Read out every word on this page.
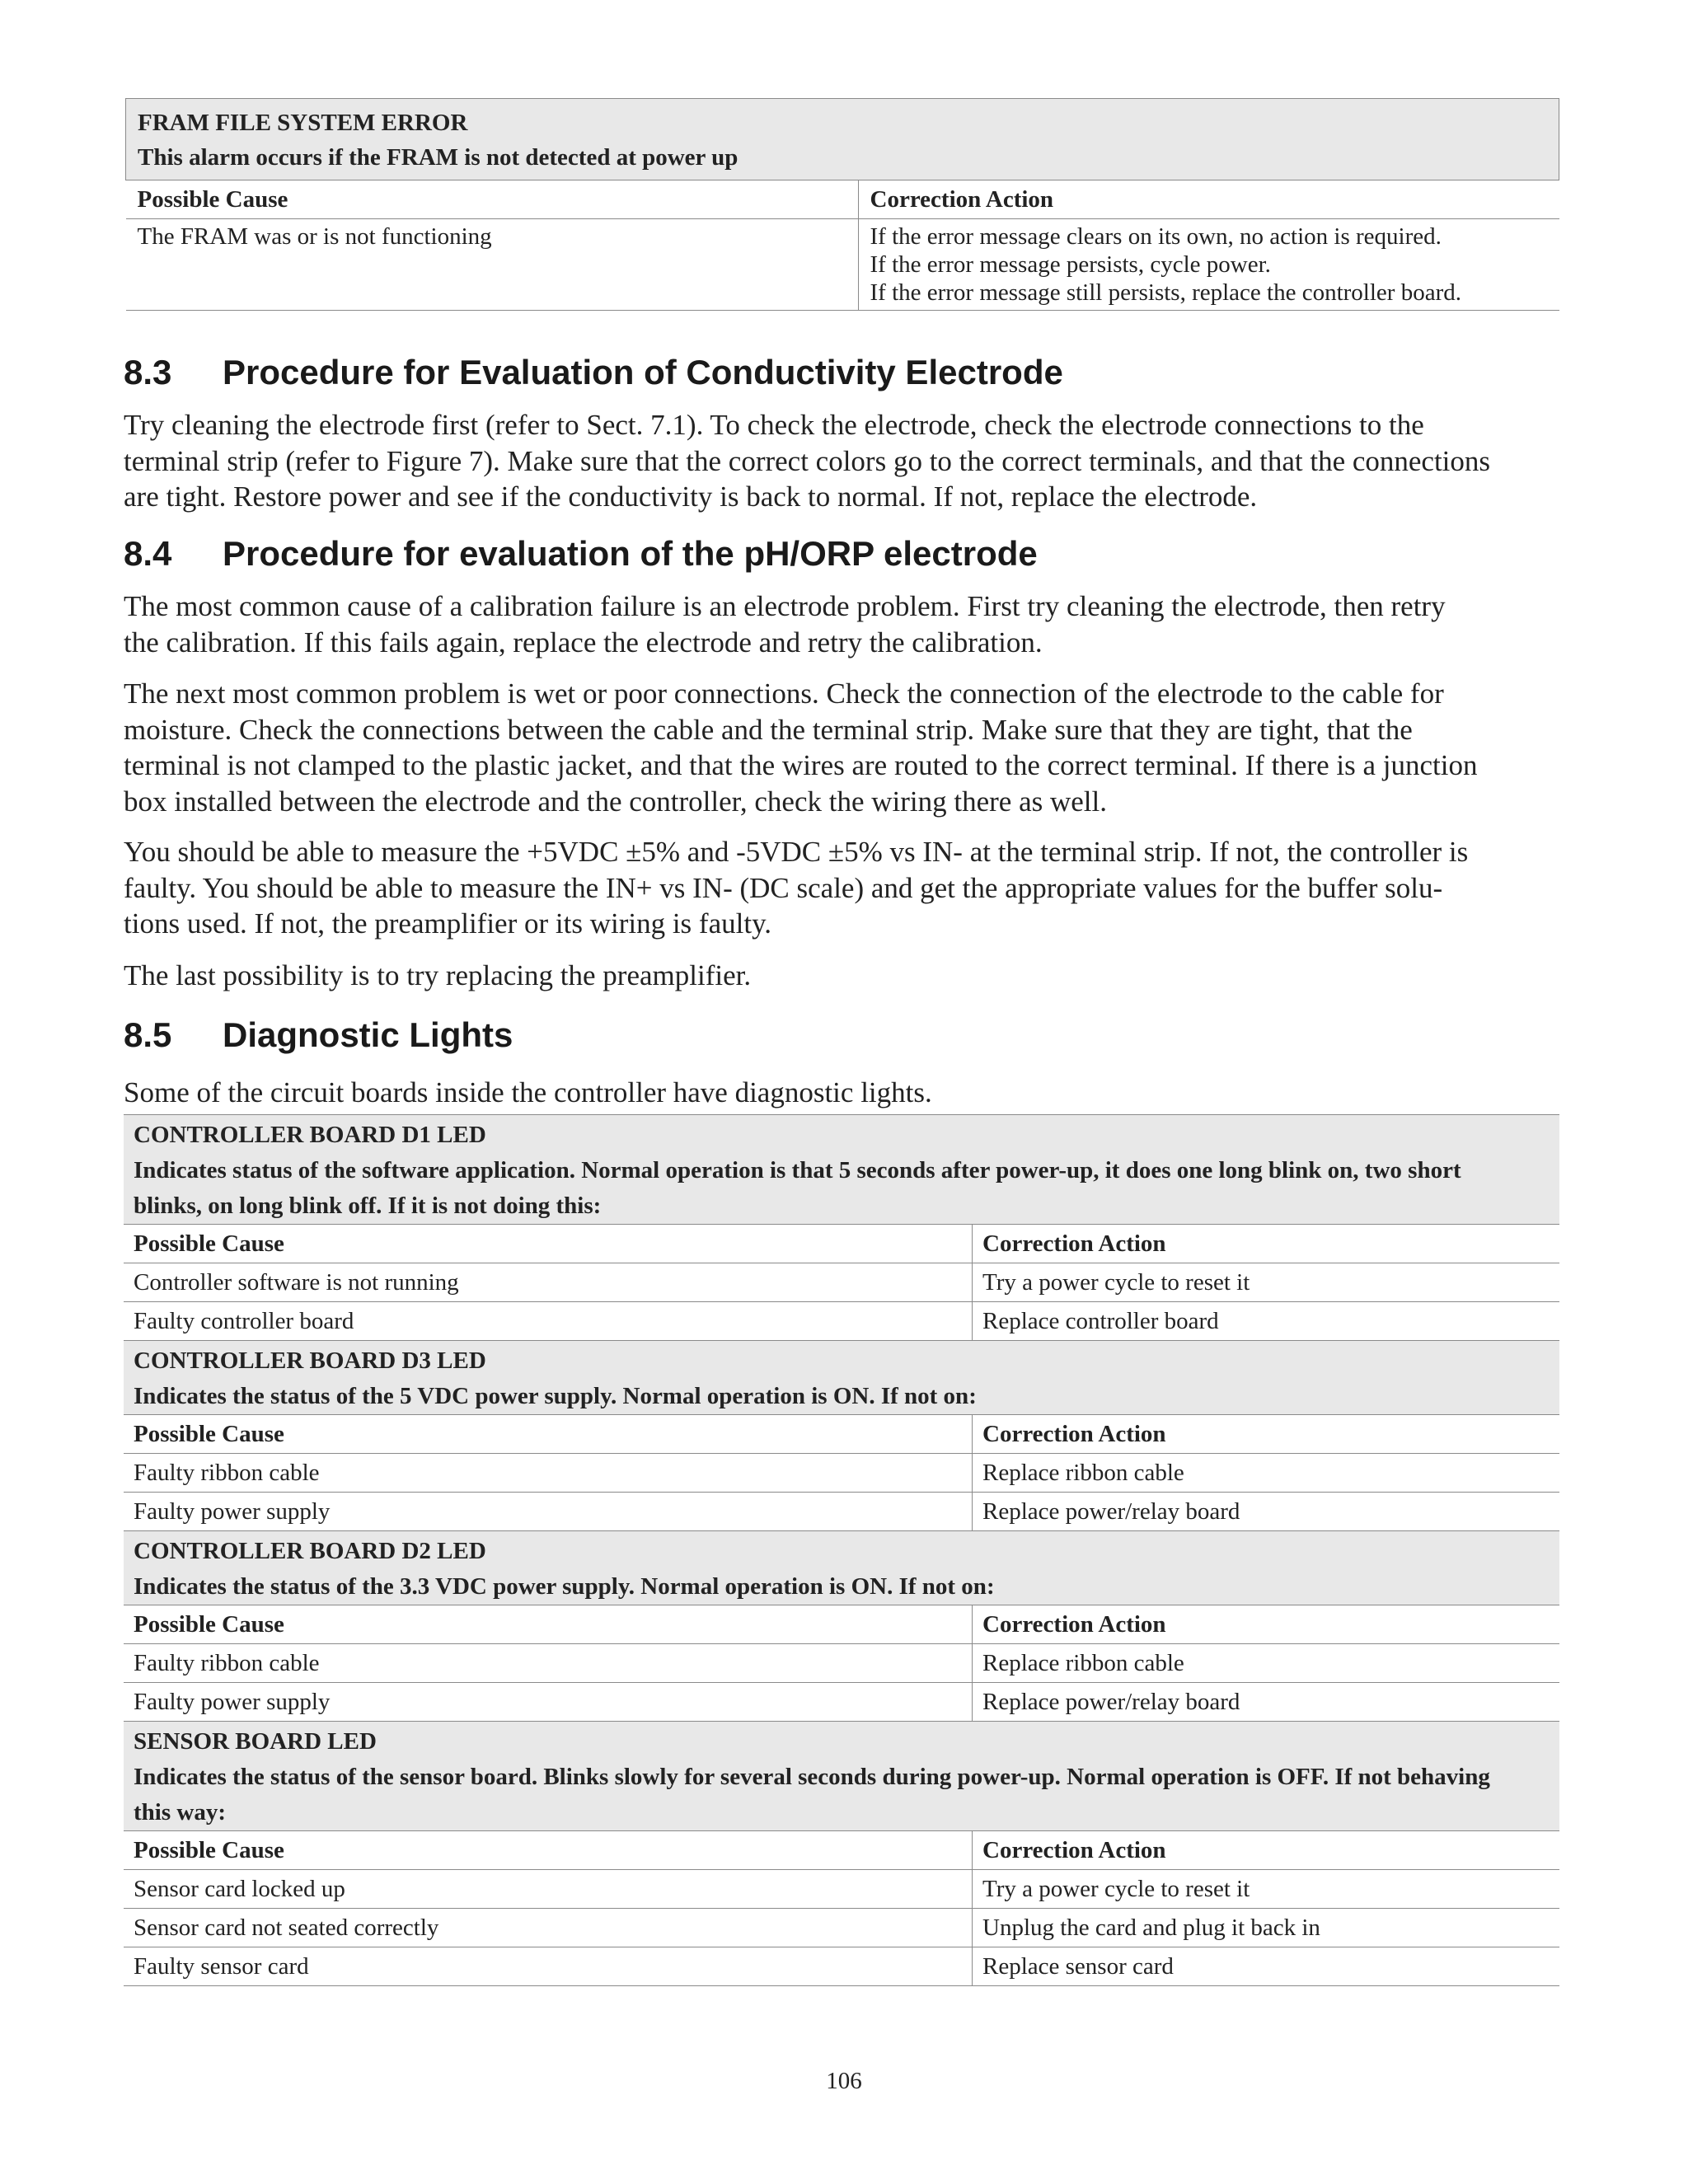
FRAM FILE SYSTEM ERROR
This alarm occurs if the FRAM is not detected at power up	

Possible Cause	Correction Action
The FRAM was or is not functioning	If the error message clears on its own, no action is required.
If the error message persists, cycle power.
If the error message still persists, replace the controller board.
8.3 Procedure for Evaluation of Conductivity Electrode
Try cleaning the electrode first (refer to Sect. 7.1). To check the electrode, check the electrode connections to the
terminal strip (refer to Figure 7). Make sure that the correct colors go to the correct terminals, and that the connections
are tight. Restore power and see if the conductivity is back to normal. If not, replace the electrode.
8.4 Procedure for evaluation of the pH/ORP electrode
The most common cause of a calibration failure is an electrode problem. First try cleaning the electrode, then retry
the calibration. If this fails again, replace the electrode and retry the calibration.
The next most common problem is wet or poor connections. Check the connection of the electrode to the cable for
moisture. Check the connections between the cable and the terminal strip. Make sure that they are tight, that the
terminal is not clamped to the plastic jacket, and that the wires are routed to the correct terminal. If there is a junction
box installed between the electrode and the controller, check the wiring there as well.
You should be able to measure the +5VDC ±5% and -5VDC ±5% vs IN- at the terminal strip. If not, the controller is
faulty. You should be able to measure the IN+ vs IN- (DC scale) and get the appropriate values for the buffer solu-
tions used. If not, the preamplifier or its wiring is faulty.
The last possibility is to try replacing the preamplifier.
8.5 Diagnostic Lights
Some of the circuit boards inside the controller have diagnostic lights.
CONTROLLER BOARD D1 LED
Indicates status of the software application. Normal operation is that 5 seconds after power-up, it does one long blink on, two short
blinks, on long blink off. If it is not doing this:	

Possible Cause	Correction Action
Controller software is not running	Try a power cycle to reset it
Faulty controller board	Replace controller board

CONTROLLER BOARD D3 LED
Indicates the status of the 5 VDC power supply. Normal operation is ON. If not on:	

Possible Cause	Correction Action
Faulty ribbon cable	Replace ribbon cable
Faulty power supply	Replace power/relay board

CONTROLLER BOARD D2 LED
Indicates the status of the 3.3 VDC power supply. Normal operation is ON. If not on:	

Possible Cause	Correction Action
Faulty ribbon cable	Replace ribbon cable
Faulty power supply	Replace power/relay board

SENSOR BOARD LED
Indicates the status of the sensor board. Blinks slowly for several seconds during power-up. Normal operation is OFF. If not behaving
this way:	

Possible Cause	Correction Action
Sensor card locked up	Try a power cycle to reset it
Sensor card not seated correctly	Unplug the card and plug it back in
Faulty sensor card	Replace sensor card
106
